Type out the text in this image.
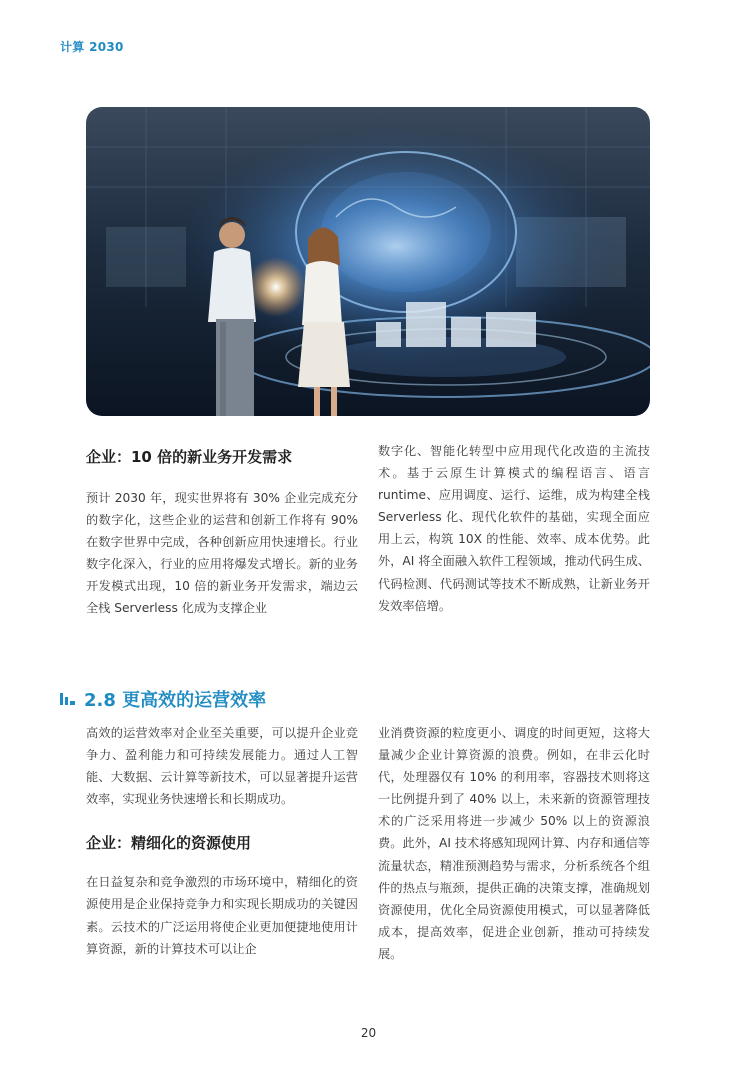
计算 2030
企业：10 倍的新业务开发需求

预计 2030 年，现实世界将有 30% 企业完成充分的数字化，这些企业的运营和创新工作将有 90% 在数字世界中完成，各种创新应用快速增长。行业数字化深入，行业的应用将爆发式增长。新的业务开发模式出现，10 倍的新业务开发需求，端边云全栈 Serverless 化成为支撑企业

数字化、智能化转型中应用现代化改造的主流技术。基于云原生计算模式的编程语言、语言 runtime、应用调度、运行、运维，成为构建全栈 Serverless 化、现代化软件的基础，实现全面应用上云，构筑 10X 的性能、效率、成本优势。此外，AI 将全面融入软件工程领域，推动代码生成、代码检测、代码测试等技术不断成熟，让新业务开发效率倍增。

2.8 更高效的运营效率

高效的运营效率对企业至关重要，可以提升企业竞争力、盈利能力和可持续发展能力。通过人工智能、大数据、云计算等新技术，可以显著提升运营效率，实现业务快速增长和长期成功。

企业：精细化的资源使用

在日益复杂和竞争激烈的市场环境中，精细化的资源使用是企业保持竞争力和实现长期成功的关键因素。云技术的广泛运用将使企业更加便捷地使用计算资源，新的计算技术可以让企

业消费资源的粒度更小、调度的时间更短，这将大量减少企业计算资源的浪费。例如，在非云化时代，处理器仅有 10% 的利用率，容器技术则将这一比例提升到了 40% 以上，未来新的资源管理技术的广泛采用将进一步减少 50% 以上的资源浪费。此外，AI 技术将感知现网计算、内存和通信等流量状态，精准预测趋势与需求，分析系统各个组件的热点与瓶颈，提供正确的决策支撑，准确规划资源使用，优化全局资源使用模式，可以显著降低成本，提高效率，促进企业创新，推动可持续发展。

20
